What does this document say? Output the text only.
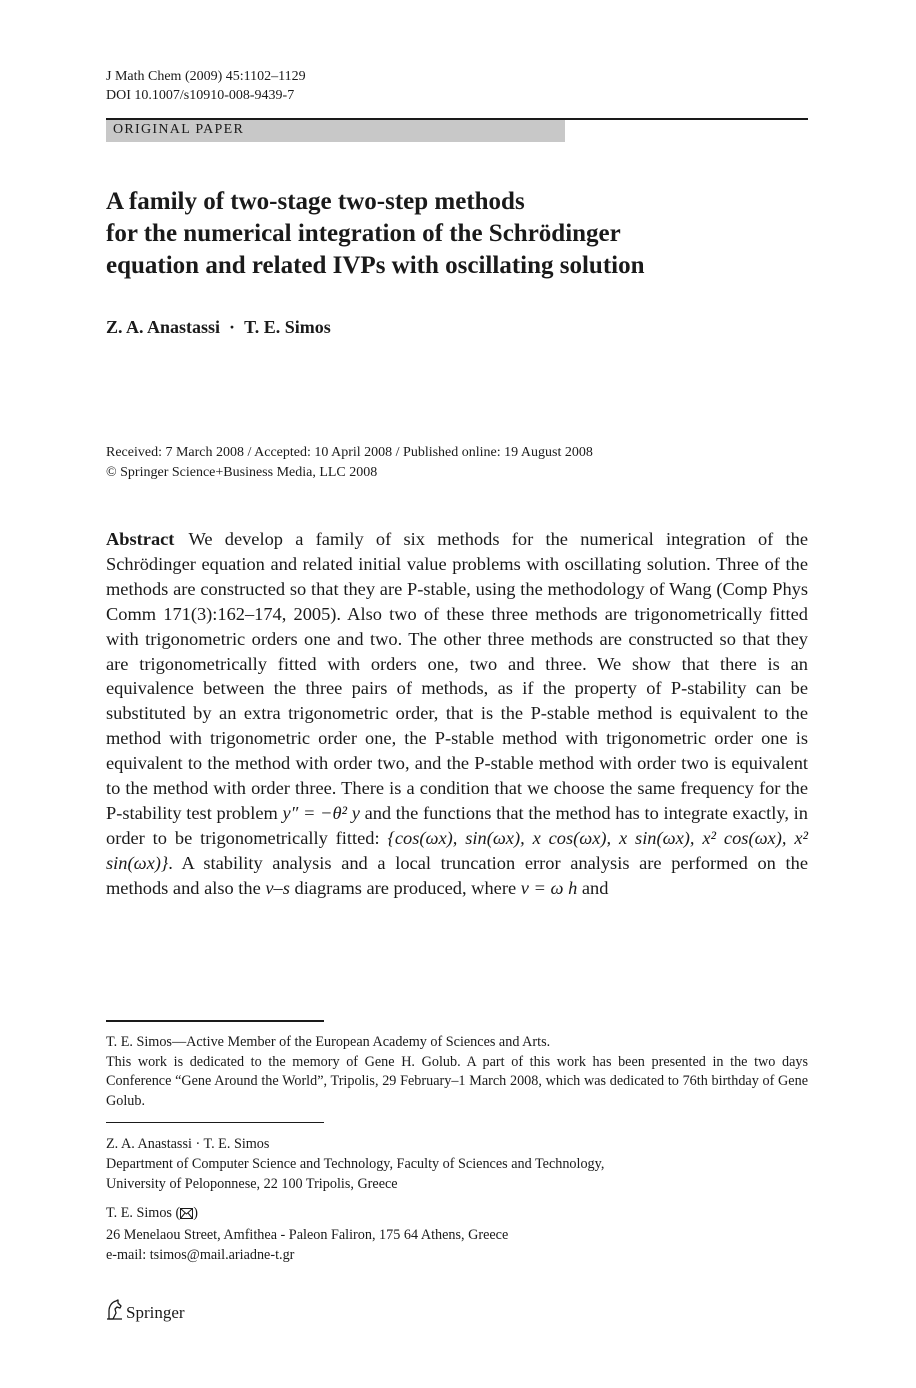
J Math Chem (2009) 45:1102–1129
DOI 10.1007/s10910-008-9439-7
ORIGINAL PAPER
A family of two-stage two-step methods
for the numerical integration of the Schrödinger
equation and related IVPs with oscillating solution
Z. A. Anastassi · T. E. Simos
Received: 7 March 2008 / Accepted: 10 April 2008 / Published online: 19 August 2008
© Springer Science+Business Media, LLC 2008

Abstract We develop a family of six methods for the numerical integration of the Schrödinger equation and related initial value problems with oscillating solution. Three of the methods are constructed so that they are P-stable, using the methodology of Wang (Comp Phys Comm 171(3):162–174, 2005). Also two of these three methods are trigonometrically fitted with trigonometric orders one and two. The other three methods are constructed so that they are trigonometrically fitted with orders one, two and three. We show that there is an equivalence between the three pairs of methods, as if the property of P-stability can be substituted by an extra trigonometric order, that is the P-stable method is equivalent to the method with trigonometric order one, the P-stable method with trigonometric order one is equivalent to the method with order two, and the P-stable method with order two is equivalent to the method with order three. There is a condition that we choose the same frequency for the P-stability test problem y″ = −θ² y and the functions that the method has to integrate exactly, in order to be trigonometrically fitted: {cos(ωx), sin(ωx), x cos(ωx), x sin(ωx), x² cos(ωx), x² sin(ωx)}. A stability analysis and a local truncation error analysis are performed on the methods and also the v–s diagrams are produced, where v = ω h and

T. E. Simos—Active Member of the European Academy of Sciences and Arts.
This work is dedicated to the memory of Gene H. Golub. A part of this work has been presented in the two days Conference “Gene Around the World”, Tripolis, 29 February–1 March 2008, which was dedicated to 76th birthday of Gene Golub.

Z. A. Anastassi · T. E. Simos
Department of Computer Science and Technology, Faculty of Sciences and Technology,
University of Peloponnese, 22 100 Tripolis, Greece
T. E. Simos ( )
26 Menelaou Street, Amfithea - Paleon Faliron, 175 64 Athens, Greece
e-mail: tsimos@mail.ariadne-t.gr
Springer
